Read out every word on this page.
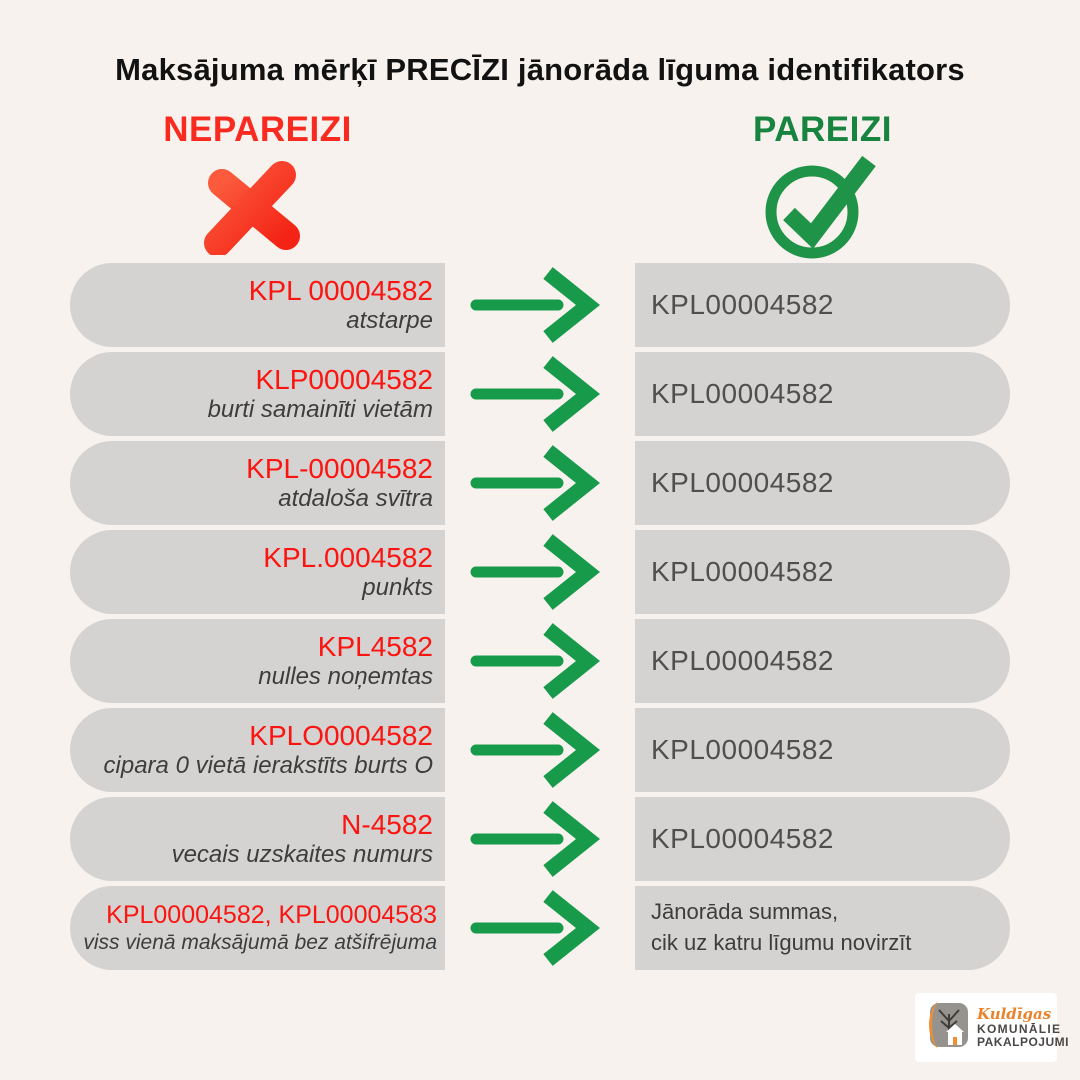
Maksājuma mērķī PRECĪZI jānorāda līguma identifikators
NEPAREIZI	PAREIZI
KPL 00004582
atstarpe
KPL00004582
KLP00004582
burti samainīti vietām
KPL00004582
KPL-00004582
atdaloša svītra
KPL00004582
KPL.0004582
punkts
KPL00004582
KPL4582
nulles noņemtas
KPL00004582
KPLO0004582
cipara 0 vietā ierakstīts burts O
KPL00004582
N-4582
vecais uzskaites numurs
KPL00004582
KPL00004582, KPL00004583
viss vienā maksājumā bez atšifrējuma
Jānorāda summas,
cik uz katru līgumu novirzīt
Kuldīgas
KOMUNĀLIE
PAKALPOJUMI
